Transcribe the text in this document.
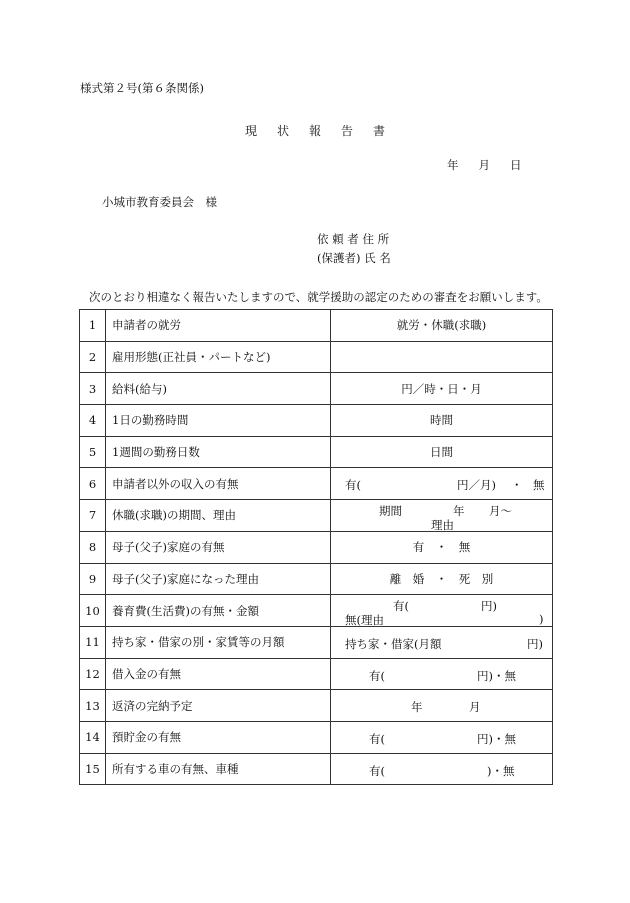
様式第２号(第６条関係)
現 状 報 告 書
年 月 日
小城市教育委員会　様
依 頼 者 住 所
(保護者) 氏 名
次のとおり相違なく報告いたしますので、就学援助の認定のための審査をお願いします。
1	申請者の就労	就労・休職(求職)
2	雇用形態(正社員・パートなど)	
3	給料(給与)	円／時・日・月
4	1日の勤務時間	時間
5	1週間の勤務日数	日間
6	申請者以外の収入の有無	有( 円／月) ・ 無

7	休職(求職)の期間、理由	期間 年 月～
理由

8	母子(父子)家庭の有無	有　・　無
9	母子(父子)家庭になった理由	離　婚　・　死　別
10	養育費(生活費)の有無・金額	有( 円)
無(理由 )

11	持ち家・借家の別・家賃等の月額	持ち家・借家(月額 円)

12	借入金の有無	有( 円)・無

13	返済の完納予定	年 月

14	預貯金の有無	有( 円)・無

15	所有する車の有無、車種	有( )・無
